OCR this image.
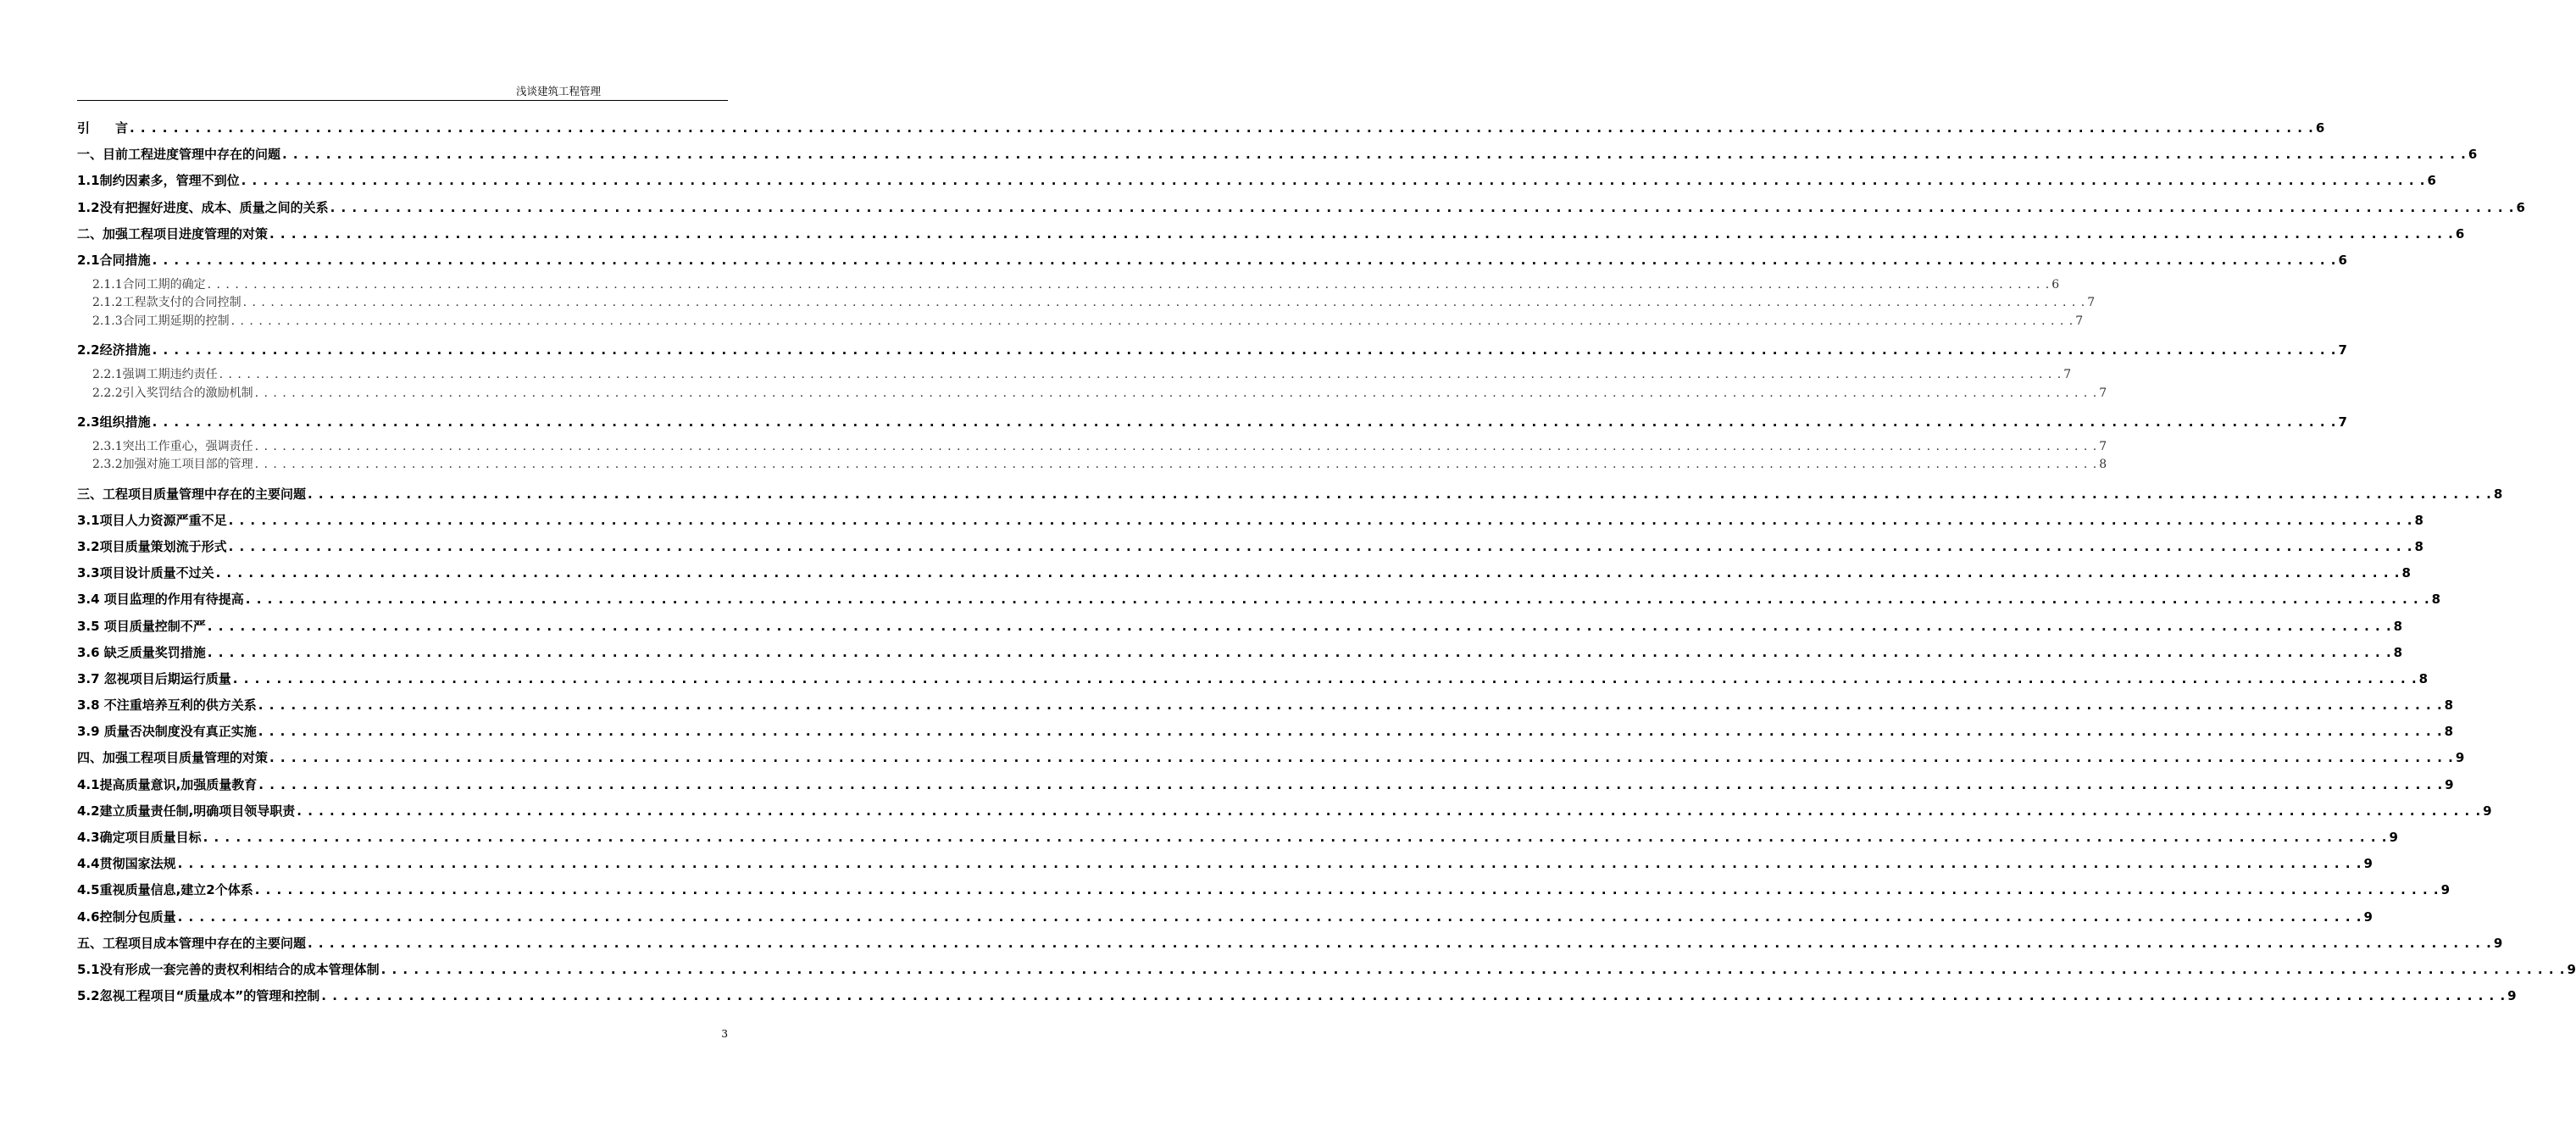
浅谈建筑工程管理
引　　言 . . . . . . . . . . . . . . . . . . . . . . . . . . . . . . . . . . . . . . . . . . . . . . . . . . . . . . . . . . . . . . . . . . . . . . . . . . . . . . . . . . . . . . . . . . . . . . . . . . . . . . . . . . . . . . . . . . . . . . . . . . . . . . . . . . . . . . . . . . . . . . . . . . . . . . . . . . . . . . . . . . . . . . . . . . . . . . . . . . . . . . . . . . . . . . . . . . . . . . . . 6
一、目前工程进度管理中存在的问题 . . . . . . . . . . . . . . . . . . . . . . . . . . . . . . . . . . . . . . . . . . . . . . . . . . . . . . . . . . . . . . . . . . . . . . . . . . . . . . . . . . . . . . . . . . . . . . . . . . . . . . . . . . . . . . . . . . . . . . . . . . . . . . . . . . . . . . . . . . . . . . . . . . . . . . . . . . . . . . . . . . . . . . . . . . . . . . . . . . . . . . . . . . . . . . . . . . . . . . . . 6
1.1制约因素多，管理不到位 . . . . . . . . . . . . . . . . . . . . . . . . . . . . . . . . . . . . . . . . . . . . . . . . . . . . . . . . . . . . . . . . . . . . . . . . . . . . . . . . . . . . . . . . . . . . . . . . . . . . . . . . . . . . . . . . . . . . . . . . . . . . . . . . . . . . . . . . . . . . . . . . . . . . . . . . . . . . . . . . . . . . . . . . . . . . . . . . . . . . . . . . . . . . . . . . . . . . . . . . 6
1.2没有把握好进度、成本、质量之间的关系 . . . . . . . . . . . . . . . . . . . . . . . . . . . . . . . . . . . . . . . . . . . . . . . . . . . . . . . . . . . . . . . . . . . . . . . . . . . . . . . . . . . . . . . . . . . . . . . . . . . . . . . . . . . . . . . . . . . . . . . . . . . . . . . . . . . . . . . . . . . . . . . . . . . . . . . . . . . . . . . . . . . . . . . . . . . . . . . . . . . . . . . . . . . . . . . . . . . . . . . . 6
二、加强工程项目进度管理的对策 . . . . . . . . . . . . . . . . . . . . . . . . . . . . . . . . . . . . . . . . . . . . . . . . . . . . . . . . . . . . . . . . . . . . . . . . . . . . . . . . . . . . . . . . . . . . . . . . . . . . . . . . . . . . . . . . . . . . . . . . . . . . . . . . . . . . . . . . . . . . . . . . . . . . . . . . . . . . . . . . . . . . . . . . . . . . . . . . . . . . . . . . . . . . . . . . . . . . . . . . 6
2.1合同措施 . . . . . . . . . . . . . . . . . . . . . . . . . . . . . . . . . . . . . . . . . . . . . . . . . . . . . . . . . . . . . . . . . . . . . . . . . . . . . . . . . . . . . . . . . . . . . . . . . . . . . . . . . . . . . . . . . . . . . . . . . . . . . . . . . . . . . . . . . . . . . . . . . . . . . . . . . . . . . . . . . . . . . . . . . . . . . . . . . . . . . . . . . . . . . . . . . . . . . . . . 6
2.1.1合同工期的确定 . . . . . . . . . . . . . . . . . . . . . . . . . . . . . . . . . . . . . . . . . . . . . . . . . . . . . . . . . . . . . . . . . . . . . . . . . . . . . . . . . . . . . . . . . . . . . . . . . . . . . . . . . . . . . . . . . . . . . . . . . . . . . . . . . . . . . . . . . . . . . . . . . . . . . . . . . . . . . . . . . . . . . . . . . . . . . . . . . . . . . . . . . . . . . . . . . . . . . . . . 6
2.1.2工程款支付的合同控制 . . . . . . . . . . . . . . . . . . . . . . . . . . . . . . . . . . . . . . . . . . . . . . . . . . . . . . . . . . . . . . . . . . . . . . . . . . . . . . . . . . . . . . . . . . . . . . . . . . . . . . . . . . . . . . . . . . . . . . . . . . . . . . . . . . . . . . . . . . . . . . . . . . . . . . . . . . . . . . . . . . . . . . . . . . . . . . . . . . . . . . . . . . . . . . . . . . . . . . . . 7
2.1.3合同工期延期的控制 . . . . . . . . . . . . . . . . . . . . . . . . . . . . . . . . . . . . . . . . . . . . . . . . . . . . . . . . . . . . . . . . . . . . . . . . . . . . . . . . . . . . . . . . . . . . . . . . . . . . . . . . . . . . . . . . . . . . . . . . . . . . . . . . . . . . . . . . . . . . . . . . . . . . . . . . . . . . . . . . . . . . . . . . . . . . . . . . . . . . . . . . . . . . . . . . . . . . . . . . 7
2.2经济措施 . . . . . . . . . . . . . . . . . . . . . . . . . . . . . . . . . . . . . . . . . . . . . . . . . . . . . . . . . . . . . . . . . . . . . . . . . . . . . . . . . . . . . . . . . . . . . . . . . . . . . . . . . . . . . . . . . . . . . . . . . . . . . . . . . . . . . . . . . . . . . . . . . . . . . . . . . . . . . . . . . . . . . . . . . . . . . . . . . . . . . . . . . . . . . . . . . . . . . . . . 7
2.2.1强调工期违约责任 . . . . . . . . . . . . . . . . . . . . . . . . . . . . . . . . . . . . . . . . . . . . . . . . . . . . . . . . . . . . . . . . . . . . . . . . . . . . . . . . . . . . . . . . . . . . . . . . . . . . . . . . . . . . . . . . . . . . . . . . . . . . . . . . . . . . . . . . . . . . . . . . . . . . . . . . . . . . . . . . . . . . . . . . . . . . . . . . . . . . . . . . . . . . . . . . . . . . . . . . 7
2.2.2引入奖罚结合的激励机制 . . . . . . . . . . . . . . . . . . . . . . . . . . . . . . . . . . . . . . . . . . . . . . . . . . . . . . . . . . . . . . . . . . . . . . . . . . . . . . . . . . . . . . . . . . . . . . . . . . . . . . . . . . . . . . . . . . . . . . . . . . . . . . . . . . . . . . . . . . . . . . . . . . . . . . . . . . . . . . . . . . . . . . . . . . . . . . . . . . . . . . . . . . . . . . . . . . . . . . . . 7
2.3组织措施 . . . . . . . . . . . . . . . . . . . . . . . . . . . . . . . . . . . . . . . . . . . . . . . . . . . . . . . . . . . . . . . . . . . . . . . . . . . . . . . . . . . . . . . . . . . . . . . . . . . . . . . . . . . . . . . . . . . . . . . . . . . . . . . . . . . . . . . . . . . . . . . . . . . . . . . . . . . . . . . . . . . . . . . . . . . . . . . . . . . . . . . . . . . . . . . . . . . . . . . . 7
2.3.1突出工作重心，强调责任 . . . . . . . . . . . . . . . . . . . . . . . . . . . . . . . . . . . . . . . . . . . . . . . . . . . . . . . . . . . . . . . . . . . . . . . . . . . . . . . . . . . . . . . . . . . . . . . . . . . . . . . . . . . . . . . . . . . . . . . . . . . . . . . . . . . . . . . . . . . . . . . . . . . . . . . . . . . . . . . . . . . . . . . . . . . . . . . . . . . . . . . . . . . . . . . . . . . . . . . . 7
2.3.2加强对施工项目部的管理 . . . . . . . . . . . . . . . . . . . . . . . . . . . . . . . . . . . . . . . . . . . . . . . . . . . . . . . . . . . . . . . . . . . . . . . . . . . . . . . . . . . . . . . . . . . . . . . . . . . . . . . . . . . . . . . . . . . . . . . . . . . . . . . . . . . . . . . . . . . . . . . . . . . . . . . . . . . . . . . . . . . . . . . . . . . . . . . . . . . . . . . . . . . . . . . . . . . . . . . . 8
三、工程项目质量管理中存在的主要问题 . . . . . . . . . . . . . . . . . . . . . . . . . . . . . . . . . . . . . . . . . . . . . . . . . . . . . . . . . . . . . . . . . . . . . . . . . . . . . . . . . . . . . . . . . . . . . . . . . . . . . . . . . . . . . . . . . . . . . . . . . . . . . . . . . . . . . . . . . . . . . . . . . . . . . . . . . . . . . . . . . . . . . . . . . . . . . . . . . . . . . . . . . . . . . . . . . . . . . . . . 8
3.1项目人力资源严重不足 . . . . . . . . . . . . . . . . . . . . . . . . . . . . . . . . . . . . . . . . . . . . . . . . . . . . . . . . . . . . . . . . . . . . . . . . . . . . . . . . . . . . . . . . . . . . . . . . . . . . . . . . . . . . . . . . . . . . . . . . . . . . . . . . . . . . . . . . . . . . . . . . . . . . . . . . . . . . . . . . . . . . . . . . . . . . . . . . . . . . . . . . . . . . . . . . . . . . . . . . 8
3.2项目质量策划流于形式 . . . . . . . . . . . . . . . . . . . . . . . . . . . . . . . . . . . . . . . . . . . . . . . . . . . . . . . . . . . . . . . . . . . . . . . . . . . . . . . . . . . . . . . . . . . . . . . . . . . . . . . . . . . . . . . . . . . . . . . . . . . . . . . . . . . . . . . . . . . . . . . . . . . . . . . . . . . . . . . . . . . . . . . . . . . . . . . . . . . . . . . . . . . . . . . . . . . . . . . . 8
3.3项目设计质量不过关 . . . . . . . . . . . . . . . . . . . . . . . . . . . . . . . . . . . . . . . . . . . . . . . . . . . . . . . . . . . . . . . . . . . . . . . . . . . . . . . . . . . . . . . . . . . . . . . . . . . . . . . . . . . . . . . . . . . . . . . . . . . . . . . . . . . . . . . . . . . . . . . . . . . . . . . . . . . . . . . . . . . . . . . . . . . . . . . . . . . . . . . . . . . . . . . . . . . . . . . . 8
3.4 项目监理的作用有待提高 . . . . . . . . . . . . . . . . . . . . . . . . . . . . . . . . . . . . . . . . . . . . . . . . . . . . . . . . . . . . . . . . . . . . . . . . . . . . . . . . . . . . . . . . . . . . . . . . . . . . . . . . . . . . . . . . . . . . . . . . . . . . . . . . . . . . . . . . . . . . . . . . . . . . . . . . . . . . . . . . . . . . . . . . . . . . . . . . . . . . . . . . . . . . . . . . . . . . . . . . 8
3.5 项目质量控制不严 . . . . . . . . . . . . . . . . . . . . . . . . . . . . . . . . . . . . . . . . . . . . . . . . . . . . . . . . . . . . . . . . . . . . . . . . . . . . . . . . . . . . . . . . . . . . . . . . . . . . . . . . . . . . . . . . . . . . . . . . . . . . . . . . . . . . . . . . . . . . . . . . . . . . . . . . . . . . . . . . . . . . . . . . . . . . . . . . . . . . . . . . . . . . . . . . . . . . . . . . 8
3.6 缺乏质量奖罚措施 . . . . . . . . . . . . . . . . . . . . . . . . . . . . . . . . . . . . . . . . . . . . . . . . . . . . . . . . . . . . . . . . . . . . . . . . . . . . . . . . . . . . . . . . . . . . . . . . . . . . . . . . . . . . . . . . . . . . . . . . . . . . . . . . . . . . . . . . . . . . . . . . . . . . . . . . . . . . . . . . . . . . . . . . . . . . . . . . . . . . . . . . . . . . . . . . . . . . . . . . 8
3.7 忽视项目后期运行质量 . . . . . . . . . . . . . . . . . . . . . . . . . . . . . . . . . . . . . . . . . . . . . . . . . . . . . . . . . . . . . . . . . . . . . . . . . . . . . . . . . . . . . . . . . . . . . . . . . . . . . . . . . . . . . . . . . . . . . . . . . . . . . . . . . . . . . . . . . . . . . . . . . . . . . . . . . . . . . . . . . . . . . . . . . . . . . . . . . . . . . . . . . . . . . . . . . . . . . . . . 8
3.8 不注重培养互利的供方关系 . . . . . . . . . . . . . . . . . . . . . . . . . . . . . . . . . . . . . . . . . . . . . . . . . . . . . . . . . . . . . . . . . . . . . . . . . . . . . . . . . . . . . . . . . . . . . . . . . . . . . . . . . . . . . . . . . . . . . . . . . . . . . . . . . . . . . . . . . . . . . . . . . . . . . . . . . . . . . . . . . . . . . . . . . . . . . . . . . . . . . . . . . . . . . . . . . . . . . . . . 8
3.9 质量否决制度没有真正实施 . . . . . . . . . . . . . . . . . . . . . . . . . . . . . . . . . . . . . . . . . . . . . . . . . . . . . . . . . . . . . . . . . . . . . . . . . . . . . . . . . . . . . . . . . . . . . . . . . . . . . . . . . . . . . . . . . . . . . . . . . . . . . . . . . . . . . . . . . . . . . . . . . . . . . . . . . . . . . . . . . . . . . . . . . . . . . . . . . . . . . . . . . . . . . . . . . . . . . . . . 8
四、加强工程项目质量管理的对策 . . . . . . . . . . . . . . . . . . . . . . . . . . . . . . . . . . . . . . . . . . . . . . . . . . . . . . . . . . . . . . . . . . . . . . . . . . . . . . . . . . . . . . . . . . . . . . . . . . . . . . . . . . . . . . . . . . . . . . . . . . . . . . . . . . . . . . . . . . . . . . . . . . . . . . . . . . . . . . . . . . . . . . . . . . . . . . . . . . . . . . . . . . . . . . . . . . . . . . . . 9
4.1提高质量意识,加强质量教育 . . . . . . . . . . . . . . . . . . . . . . . . . . . . . . . . . . . . . . . . . . . . . . . . . . . . . . . . . . . . . . . . . . . . . . . . . . . . . . . . . . . . . . . . . . . . . . . . . . . . . . . . . . . . . . . . . . . . . . . . . . . . . . . . . . . . . . . . . . . . . . . . . . . . . . . . . . . . . . . . . . . . . . . . . . . . . . . . . . . . . . . . . . . . . . . . . . . . . . . . 9
4.2建立质量责任制,明确项目领导职责 . . . . . . . . . . . . . . . . . . . . . . . . . . . . . . . . . . . . . . . . . . . . . . . . . . . . . . . . . . . . . . . . . . . . . . . . . . . . . . . . . . . . . . . . . . . . . . . . . . . . . . . . . . . . . . . . . . . . . . . . . . . . . . . . . . . . . . . . . . . . . . . . . . . . . . . . . . . . . . . . . . . . . . . . . . . . . . . . . . . . . . . . . . . . . . . . . . . . . . . . 9
4.3确定项目质量目标 . . . . . . . . . . . . . . . . . . . . . . . . . . . . . . . . . . . . . . . . . . . . . . . . . . . . . . . . . . . . . . . . . . . . . . . . . . . . . . . . . . . . . . . . . . . . . . . . . . . . . . . . . . . . . . . . . . . . . . . . . . . . . . . . . . . . . . . . . . . . . . . . . . . . . . . . . . . . . . . . . . . . . . . . . . . . . . . . . . . . . . . . . . . . . . . . . . . . . . . . 9
4.4贯彻国家法规 . . . . . . . . . . . . . . . . . . . . . . . . . . . . . . . . . . . . . . . . . . . . . . . . . . . . . . . . . . . . . . . . . . . . . . . . . . . . . . . . . . . . . . . . . . . . . . . . . . . . . . . . . . . . . . . . . . . . . . . . . . . . . . . . . . . . . . . . . . . . . . . . . . . . . . . . . . . . . . . . . . . . . . . . . . . . . . . . . . . . . . . . . . . . . . . . . . . . . . . . 9
4.5重视质量信息,建立2个体系 . . . . . . . . . . . . . . . . . . . . . . . . . . . . . . . . . . . . . . . . . . . . . . . . . . . . . . . . . . . . . . . . . . . . . . . . . . . . . . . . . . . . . . . . . . . . . . . . . . . . . . . . . . . . . . . . . . . . . . . . . . . . . . . . . . . . . . . . . . . . . . . . . . . . . . . . . . . . . . . . . . . . . . . . . . . . . . . . . . . . . . . . . . . . . . . . . . . . . . . . 9
4.6控制分包质量 . . . . . . . . . . . . . . . . . . . . . . . . . . . . . . . . . . . . . . . . . . . . . . . . . . . . . . . . . . . . . . . . . . . . . . . . . . . . . . . . . . . . . . . . . . . . . . . . . . . . . . . . . . . . . . . . . . . . . . . . . . . . . . . . . . . . . . . . . . . . . . . . . . . . . . . . . . . . . . . . . . . . . . . . . . . . . . . . . . . . . . . . . . . . . . . . . . . . . . . . 9
五、工程项目成本管理中存在的主要问题 . . . . . . . . . . . . . . . . . . . . . . . . . . . . . . . . . . . . . . . . . . . . . . . . . . . . . . . . . . . . . . . . . . . . . . . . . . . . . . . . . . . . . . . . . . . . . . . . . . . . . . . . . . . . . . . . . . . . . . . . . . . . . . . . . . . . . . . . . . . . . . . . . . . . . . . . . . . . . . . . . . . . . . . . . . . . . . . . . . . . . . . . . . . . . . . . . . . . . . . . 9
5.1没有形成一套完善的责权利相结合的成本管理体制 . . . . . . . . . . . . . . . . . . . . . . . . . . . . . . . . . . . . . . . . . . . . . . . . . . . . . . . . . . . . . . . . . . . . . . . . . . . . . . . . . . . . . . . . . . . . . . . . . . . . . . . . . . . . . . . . . . . . . . . . . . . . . . . . . . . . . . . . . . . . . . . . . . . . . . . . . . . . . . . . . . . . . . . . . . . . . . . . . . . . . . . . . . . . . . . . . . . . . . . . 9
5.2忽视工程项目“质量成本”的管理和控制 . . . . . . . . . . . . . . . . . . . . . . . . . . . . . . . . . . . . . . . . . . . . . . . . . . . . . . . . . . . . . . . . . . . . . . . . . . . . . . . . . . . . . . . . . . . . . . . . . . . . . . . . . . . . . . . . . . . . . . . . . . . . . . . . . . . . . . . . . . . . . . . . . . . . . . . . . . . . . . . . . . . . . . . . . . . . . . . . . . . . . . . . . . . . . . . . . . . . . . . . 9
3
